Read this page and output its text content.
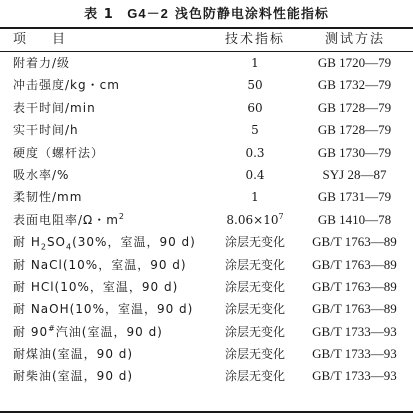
表 1 G4－2 浅色防静电涂料性能指标
项目	技术指标	测试方法
附着力/级	1	GB 1720—79
冲击强度/kg・cm	50	GB 1732—79
表干时间/min	60	GB 1728—79
实干时间/h	5	GB 1728—79
硬度（螺杆法）	0.3	GB 1730—79
吸水率/%	0.4	SYJ 28—87
柔韧性/mm	1	GB 1731—79
表面电阻率/Ω・$m^2$	$8.06\times 10^7$	GB 1410—78
耐 $H_2SO_4(30\%$，室温，90 d)	涂层无变化	GB/T 1763—89
耐 NaCl(10%，室温，90 d)	涂层无变化	GB/T 1763—89
耐 HCl(10%，室温，90 d)	涂层无变化	GB/T 1763—89
耐 NaOH(10%，室温，90 d)	涂层无变化	GB/T 1763—89
耐 90#汽油(室温，90 d)	涂层无变化	GB/T 1733—93
耐煤油(室温，90 d)	涂层无变化	GB/T 1733—93
耐柴油(室温，90 d)	涂层无变化	GB/T 1733—93
